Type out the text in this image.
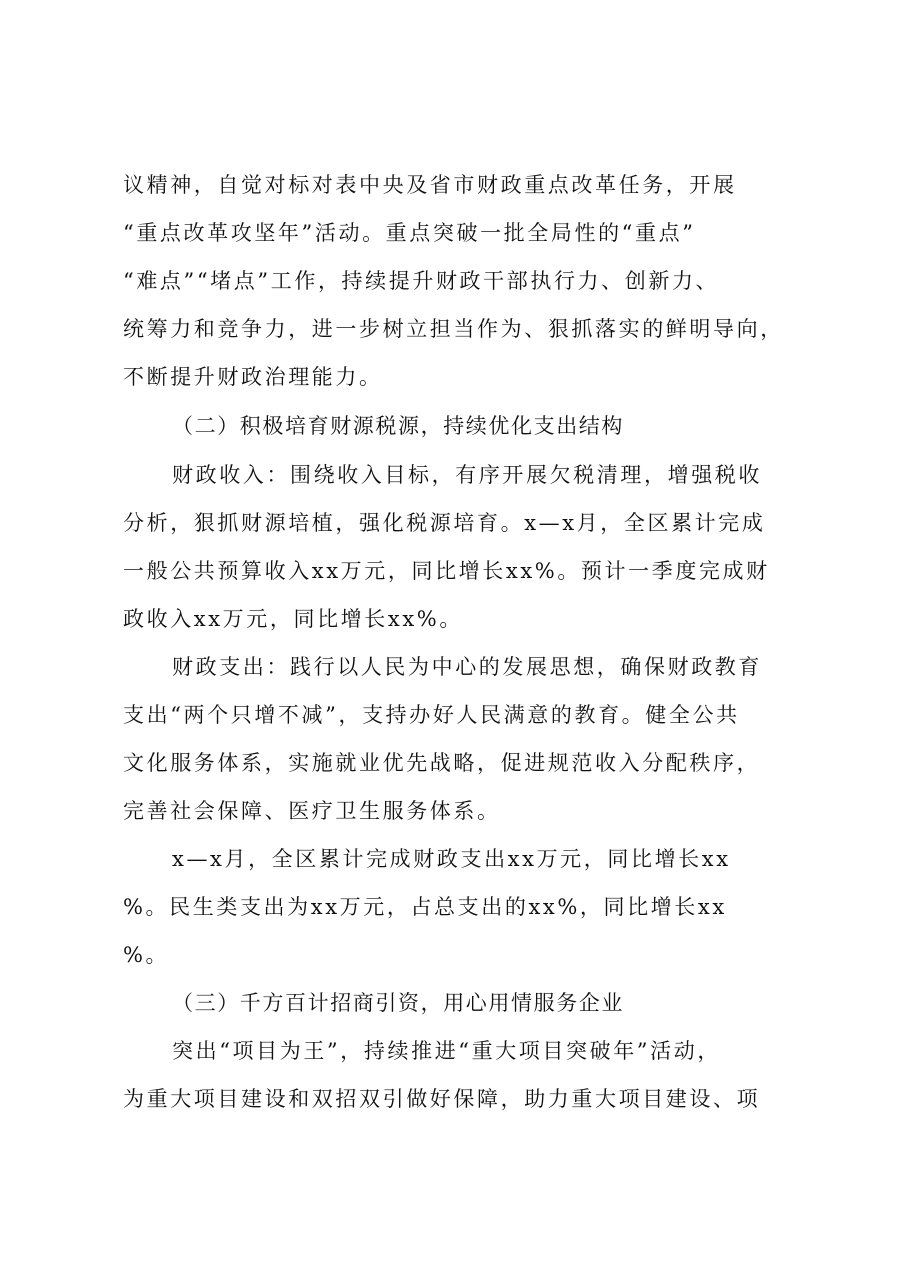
议精神，自觉对标对表中央及省市财政重点改革任务，开展
“重点改革攻坚年”活动。重点突破一批全局性的“重点”
“难点”“堵点”工作，持续提升财政干部执行力、创新力、
统筹力和竞争力，进一步树立担当作为、狠抓落实的鲜明导向，
不断提升财政治理能力。
（二）积极培育财源税源，持续优化支出结构
财政收入：围绕收入目标，有序开展欠税清理，增强税收
分析，狠抓财源培植，强化税源培育。x—x月，全区累计完成
一般公共预算收入xx万元，同比增长xx%。预计一季度完成财
政收入xx万元，同比增长xx%。
财政支出：践行以人民为中心的发展思想，确保财政教育
支出“两个只增不减”，支持办好人民满意的教育。健全公共
文化服务体系，实施就业优先战略，促进规范收入分配秩序，
完善社会保障、医疗卫生服务体系。
x—x月，全区累计完成财政支出xx万元，同比增长xx
%。民生类支出为xx万元，占总支出的xx%，同比增长xx
%。
（三）千方百计招商引资，用心用情服务企业
突出“项目为王”，持续推进“重大项目突破年”活动，
为重大项目建设和双招双引做好保障，助力重大项目建设、项
